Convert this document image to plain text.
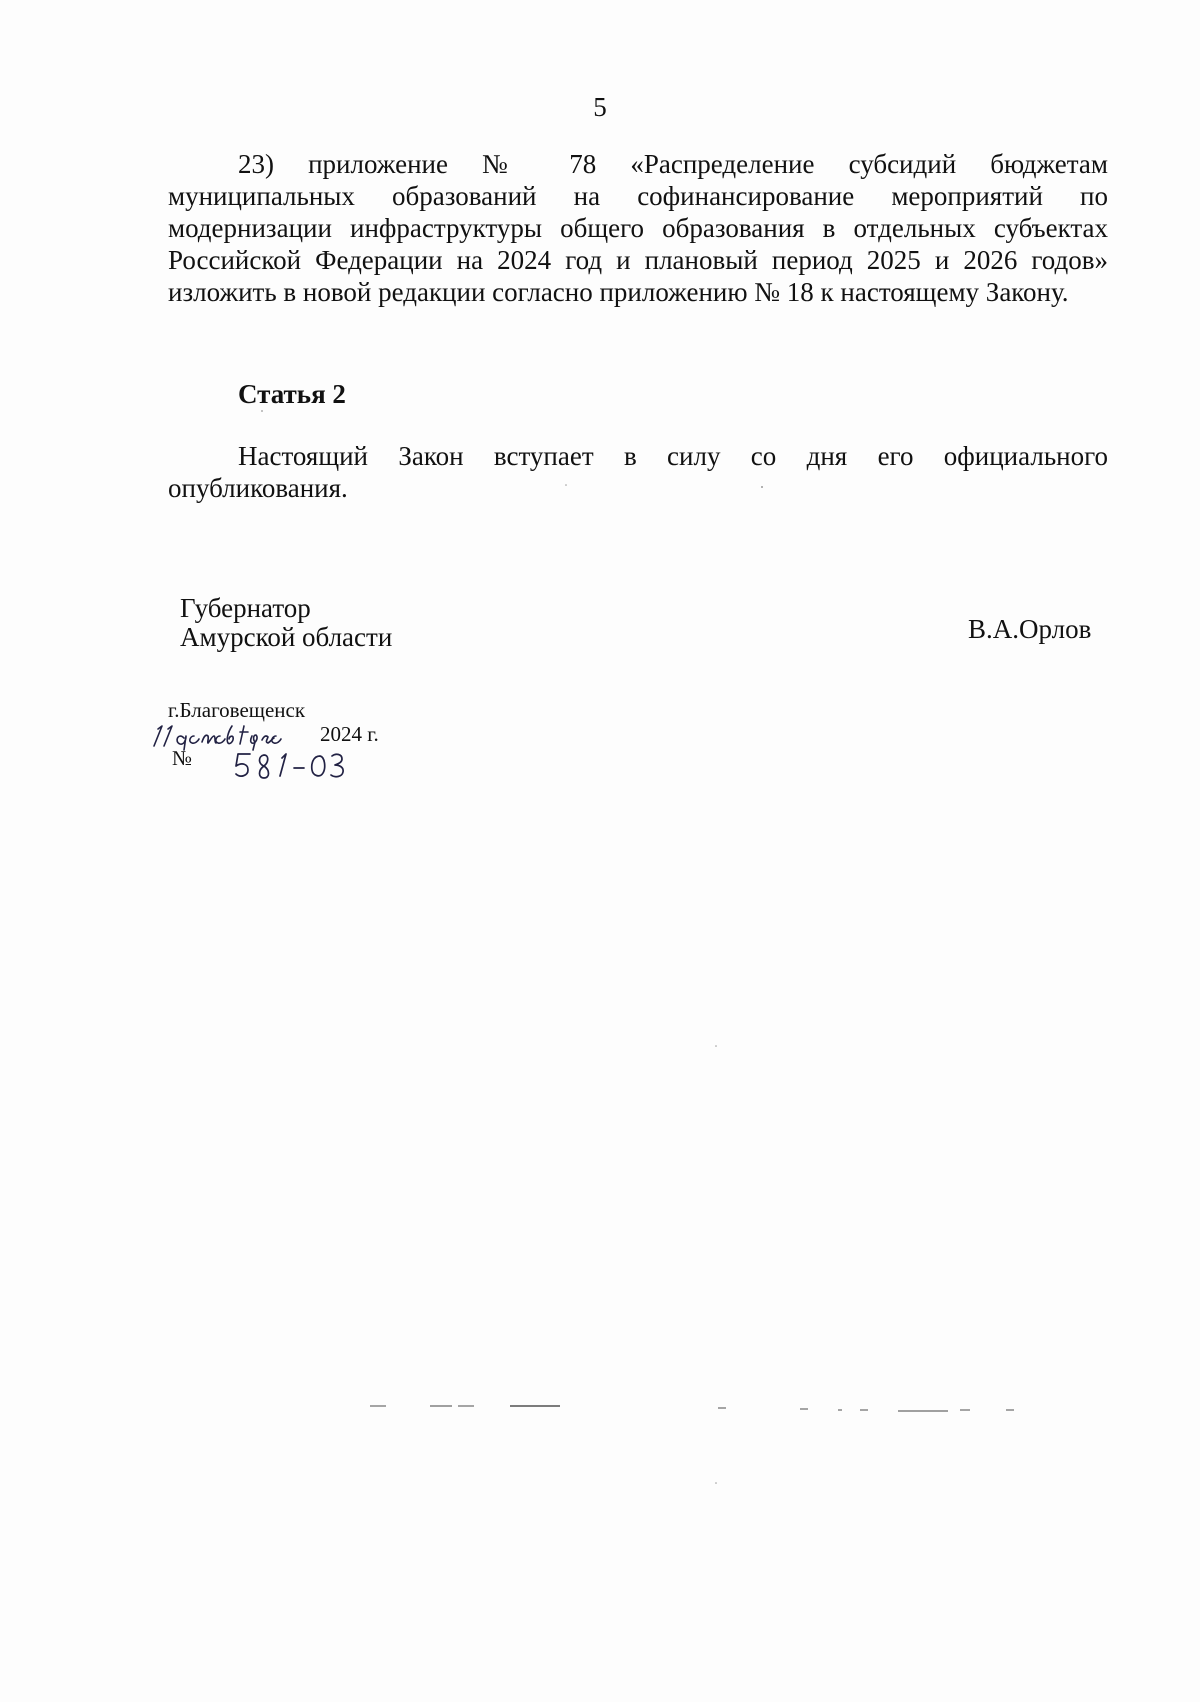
5
23) приложение № 78 «Распределение субсидий бюджетам муниципальных образований на софинансирование мероприятий по
модернизации инфраструктуры общего образования в отдельных субъектах Российской Федерации на 2024 год и плановый период 2025 и 2026 годов» изложить в новой редакции согласно приложению № 18 к настоящему Закону.
Статья 2
Настоящий Закон вступает в силу со дня его официального
опубликования.
Губернатор
Амурской области	В.А.Орлов
г.Благовещенск
2024 г.
№
